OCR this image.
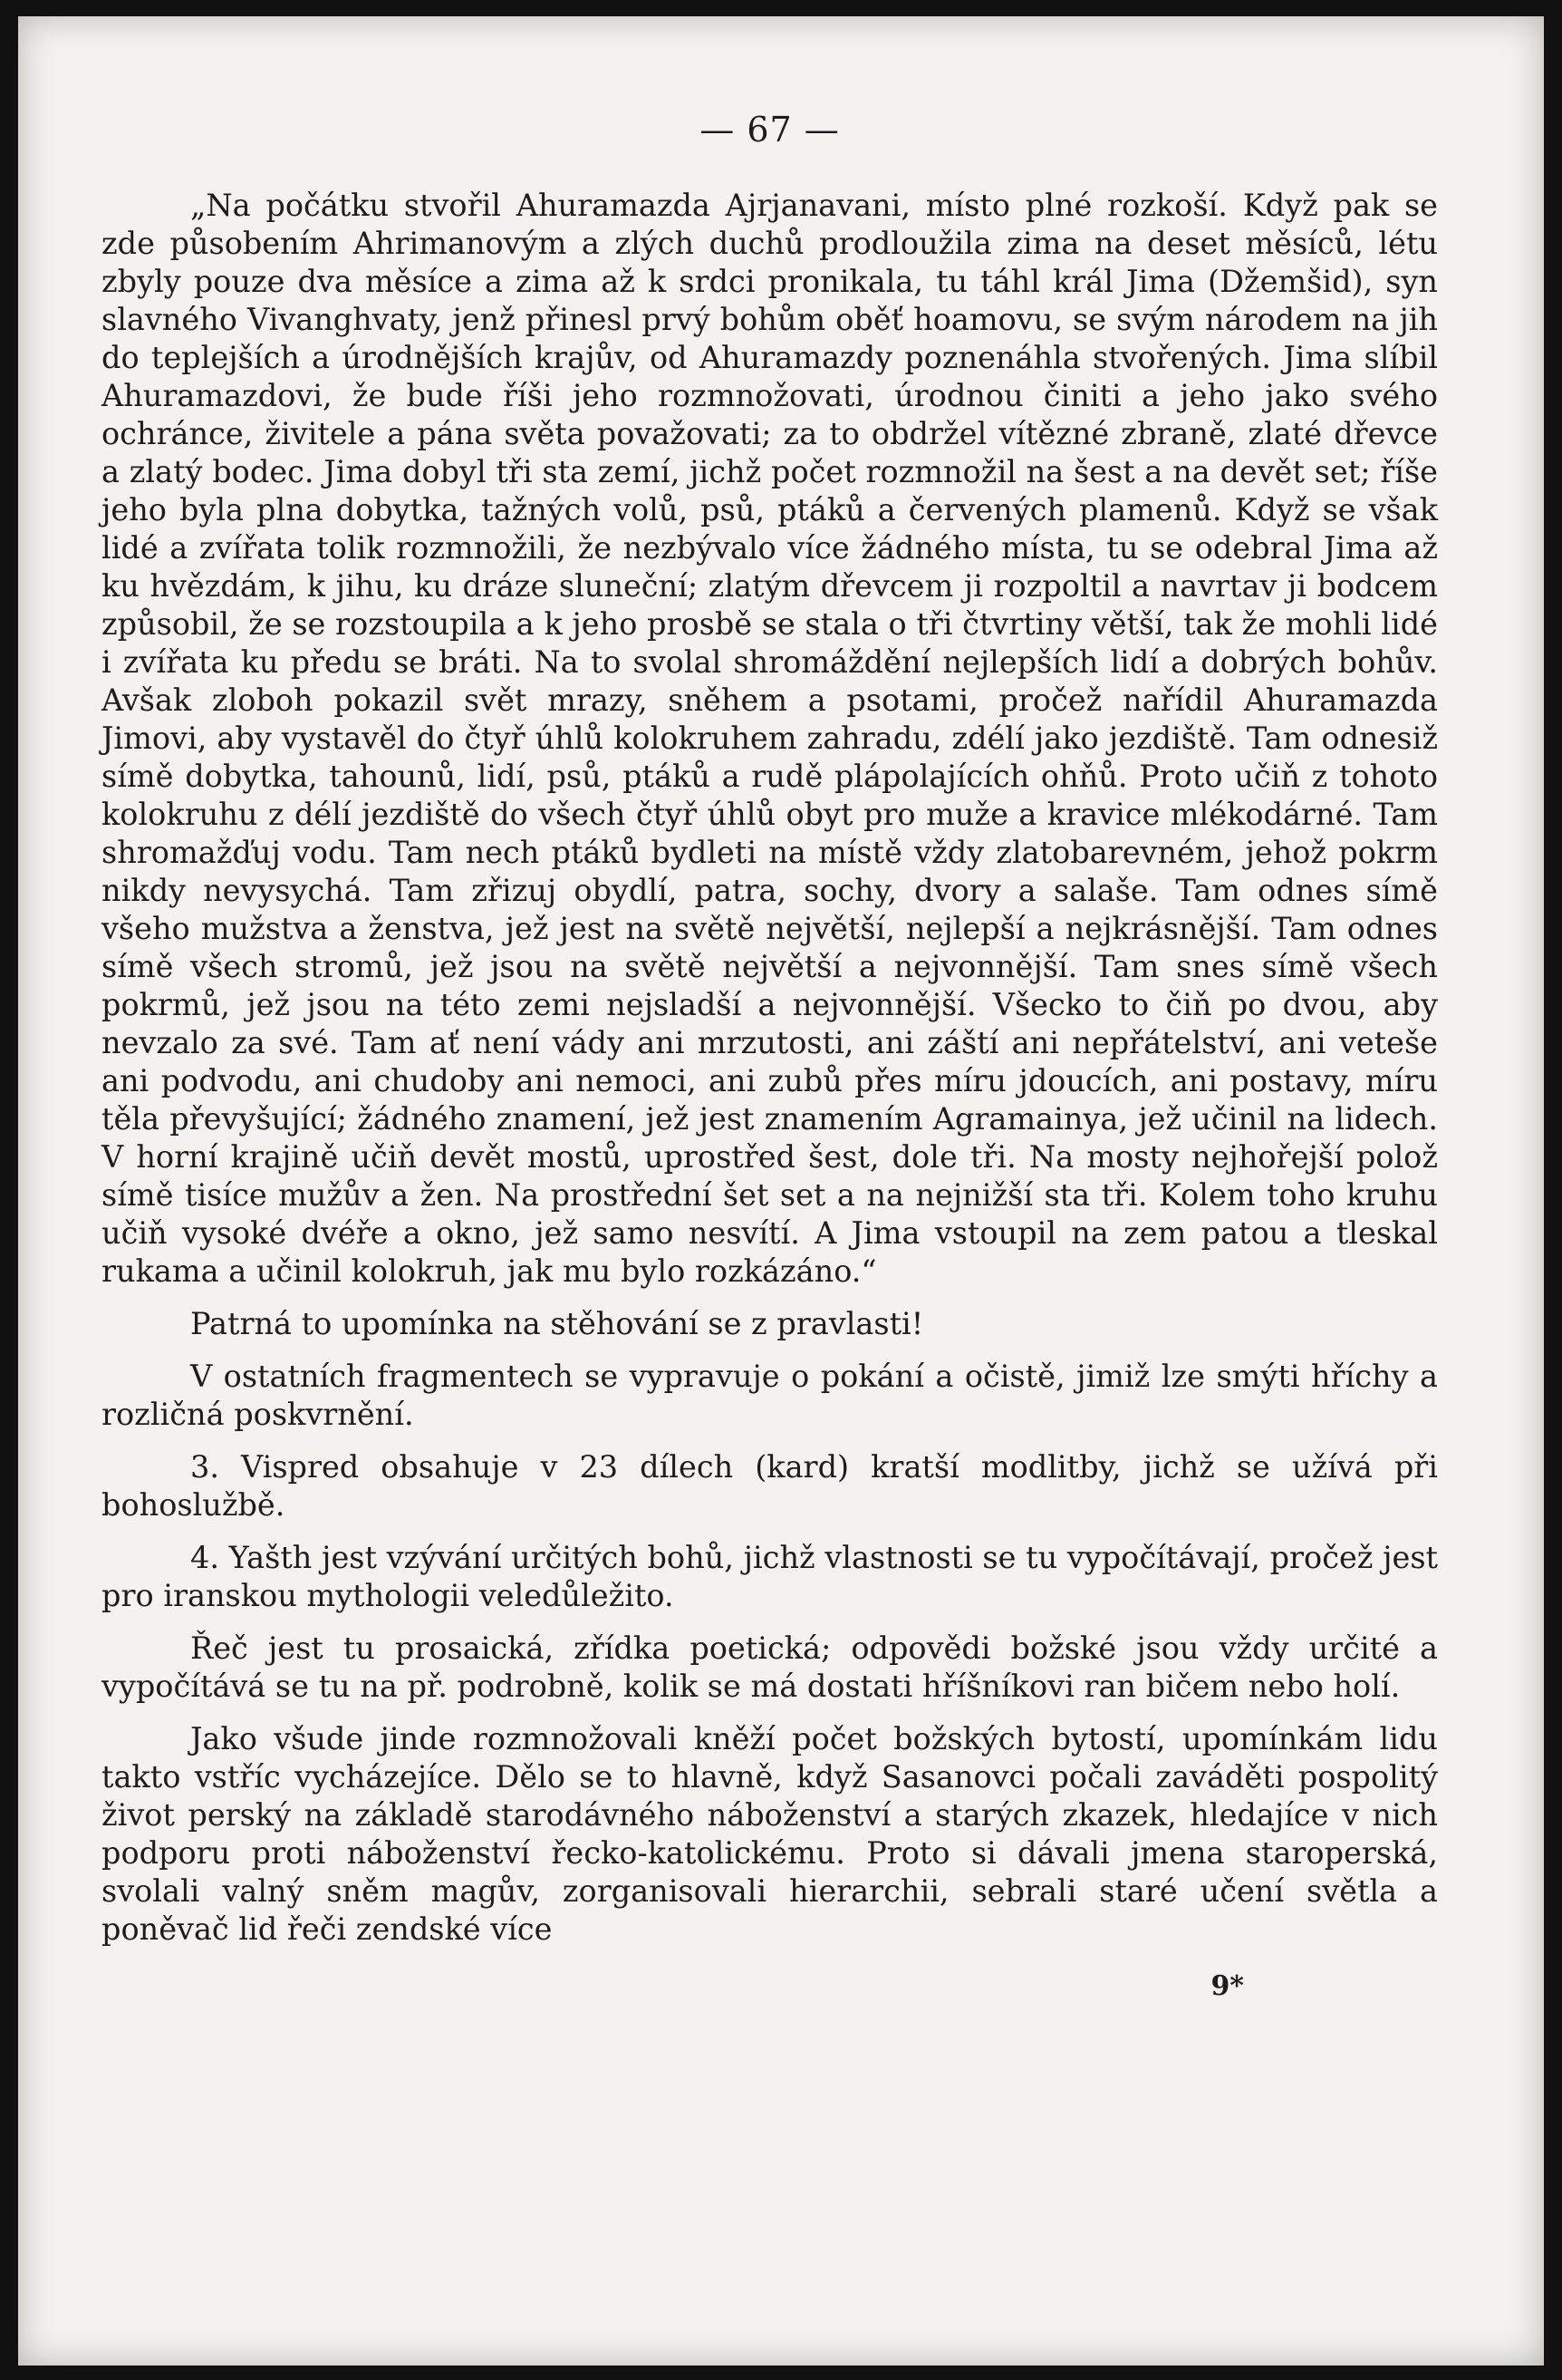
— 67 —

„Na počátku stvořil Ahuramazda Ajrjanavani, místo plné rozkoší. Když pak se zde působením Ahrimanovým a zlých duchů prodloužila zima na deset měsíců, létu zbyly pouze dva měsíce a zima až k srdci pronikala, tu táhl král Jima (Džemšid), syn slavného Vivanghvaty, jenž přinesl prvý bohům oběť hoamovu, se svým národem na jih do teplejších a úrodnějších krajův, od Ahuramazdy poznenáhla stvořených. Jima slíbil Ahuramazdovi, že bude říši jeho rozmnožovati, úrodnou činiti a jeho jako svého ochránce, živitele a pána světa považovati; za to obdržel vítězné zbraně, zlaté dřevce a zlatý bodec. Jima dobyl tři sta zemí, jichž počet rozmnožil na šest a na devět set; říše jeho byla plna dobytka, tažných volů, psů, ptáků a červených plamenů. Když se však lidé a zvířata tolik rozmnožili, že nezbývalo více žádného místa, tu se odebral Jima až ku hvězdám, k jihu, ku dráze sluneční; zlatým dřevcem ji rozpoltil a navrtav ji bodcem způsobil, že se rozstoupila a k jeho prosbě se stala o tři čtvrtiny větší, tak že mohli lidé i zvířata ku předu se bráti. Na to svolal shromáždění nejlepších lidí a dobrých bohův. Avšak zloboh pokazil svět mrazy, sněhem a psotami, pročež nařídil Ahuramazda Jimovi, aby vystavěl do čtyř úhlů kolokruhem zahradu, zdélí jako jezdiště. Tam odnesiž símě dobytka, tahounů, lidí, psů, ptáků a rudě plápolajících ohňů. Proto učiň z tohoto kolokruhu z délí jezdiště do všech čtyř úhlů obyt pro muže a kravice mlékodárné. Tam shromažďuj vodu. Tam nech ptáků bydleti na místě vždy zlatobarevném, jehož pokrm nikdy nevysychá. Tam zřizuj obydlí, patra, sochy, dvory a salaše. Tam odnes símě všeho mužstva a ženstva, jež jest na světě největší, nejlepší a nejkrásnější. Tam odnes símě všech stromů, jež jsou na světě největší a nejvonnější. Tam snes símě všech pokrmů, jež jsou na této zemi nejsladší a nejvonnější. Všecko to čiň po dvou, aby nevzalo za své. Tam ať není vády ani mrzutosti, ani záští ani nepřátelství, ani veteše ani podvodu, ani chudoby ani nemoci, ani zubů přes míru jdoucích, ani postavy, míru těla převyšující; žádného znamení, jež jest znamením Agramainya, jež učinil na lidech. V horní krajině učiň devět mostů, uprostřed šest, dole tři. Na mosty nejhořejší polož símě tisíce mužův a žen. Na prostřední šet set a na nejnižší sta tři. Kolem toho kruhu učiň vysoké dvéře a okno, jež samo nesvítí. A Jima vstoupil na zem patou a tleskal rukama a učinil kolokruh, jak mu bylo rozkázáno.“

Patrná to upomínka na stěhování se z pravlasti!

V ostatních fragmentech se vypravuje o pokání a očistě, jimiž lze smýti hříchy a rozličná poskvrnění.

3. Vispred obsahuje v 23 dílech (kard) kratší modlitby, jichž se užívá při bohoslužbě.

4. Yašth jest vzývání určitých bohů, jichž vlastnosti se tu vypočítávají, pročež jest pro iranskou mythologii veledůležito.

Řeč jest tu prosaická, zřídka poetická; odpovědi božské jsou vždy určité a vypočítává se tu na př. podrobně, kolik se má dostati hříšníkovi ran bičem nebo holí.

Jako všude jinde rozmnožovali kněží počet božských bytostí, upomínkám lidu takto vstříc vycházejíce. Dělo se to hlavně, když Sasanovci počali zaváděti pospolitý život perský na základě starodávného náboženství a starých zkazek, hledajíce v nich podporu proti náboženství řecko-katolickému. Proto si dávali jmena staroperská, svolali valný sněm magův, zorganisovali hierarchii, sebrali staré učení světla a poněvač lid řeči zendské více

9*
